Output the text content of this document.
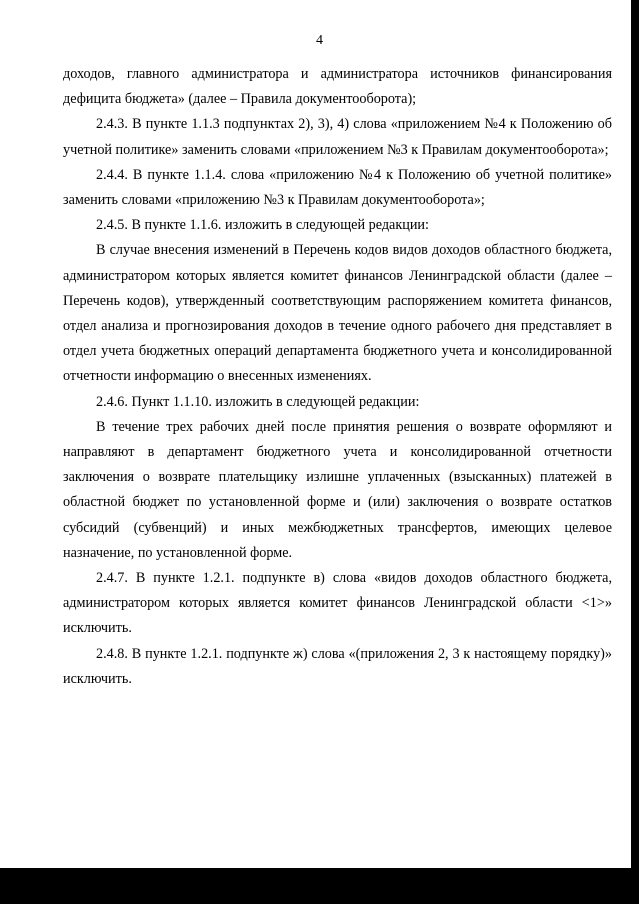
4

доходов, главного администратора и администратора источников финансирования дефицита бюджета» (далее – Правила документооборота);

2.4.3. В пункте 1.1.3 подпунктах 2), 3), 4) слова «приложением №4 к Положению об учетной политике» заменить словами «приложением №3 к Правилам документооборота»;

2.4.4. В пункте 1.1.4. слова «приложению №4 к Положению об учетной политике» заменить словами «приложению №3 к Правилам документооборота»;

2.4.5. В пункте 1.1.6. изложить в следующей редакции:

В случае внесения изменений в Перечень кодов видов доходов областного бюджета, администратором которых является комитет финансов Ленинградской области (далее – Перечень кодов), утвержденный соответствующим распоряжением комитета финансов, отдел анализа и прогнозирования доходов в течение одного рабочего дня представляет в отдел учета бюджетных операций департамента бюджетного учета и консолидированной отчетности информацию о внесенных изменениях.

2.4.6. Пункт 1.1.10. изложить в следующей редакции:

В течение трех рабочих дней после принятия решения о возврате оформляют и направляют в департамент бюджетного учета и консолидированной отчетности заключения о возврате плательщику излишне уплаченных (взысканных) платежей в областной бюджет по установленной форме и (или) заключения о возврате остатков субсидий (субвенций) и иных межбюджетных трансфертов, имеющих целевое назначение, по установленной форме.

2.4.7. В пункте 1.2.1. подпункте в) слова «видов доходов областного бюджета, администратором которых является комитет финансов Ленинградской области <1>» исключить.

2.4.8. В пункте 1.2.1. подпункте ж) слова «(приложения 2, 3 к настоящему порядку)» исключить.
